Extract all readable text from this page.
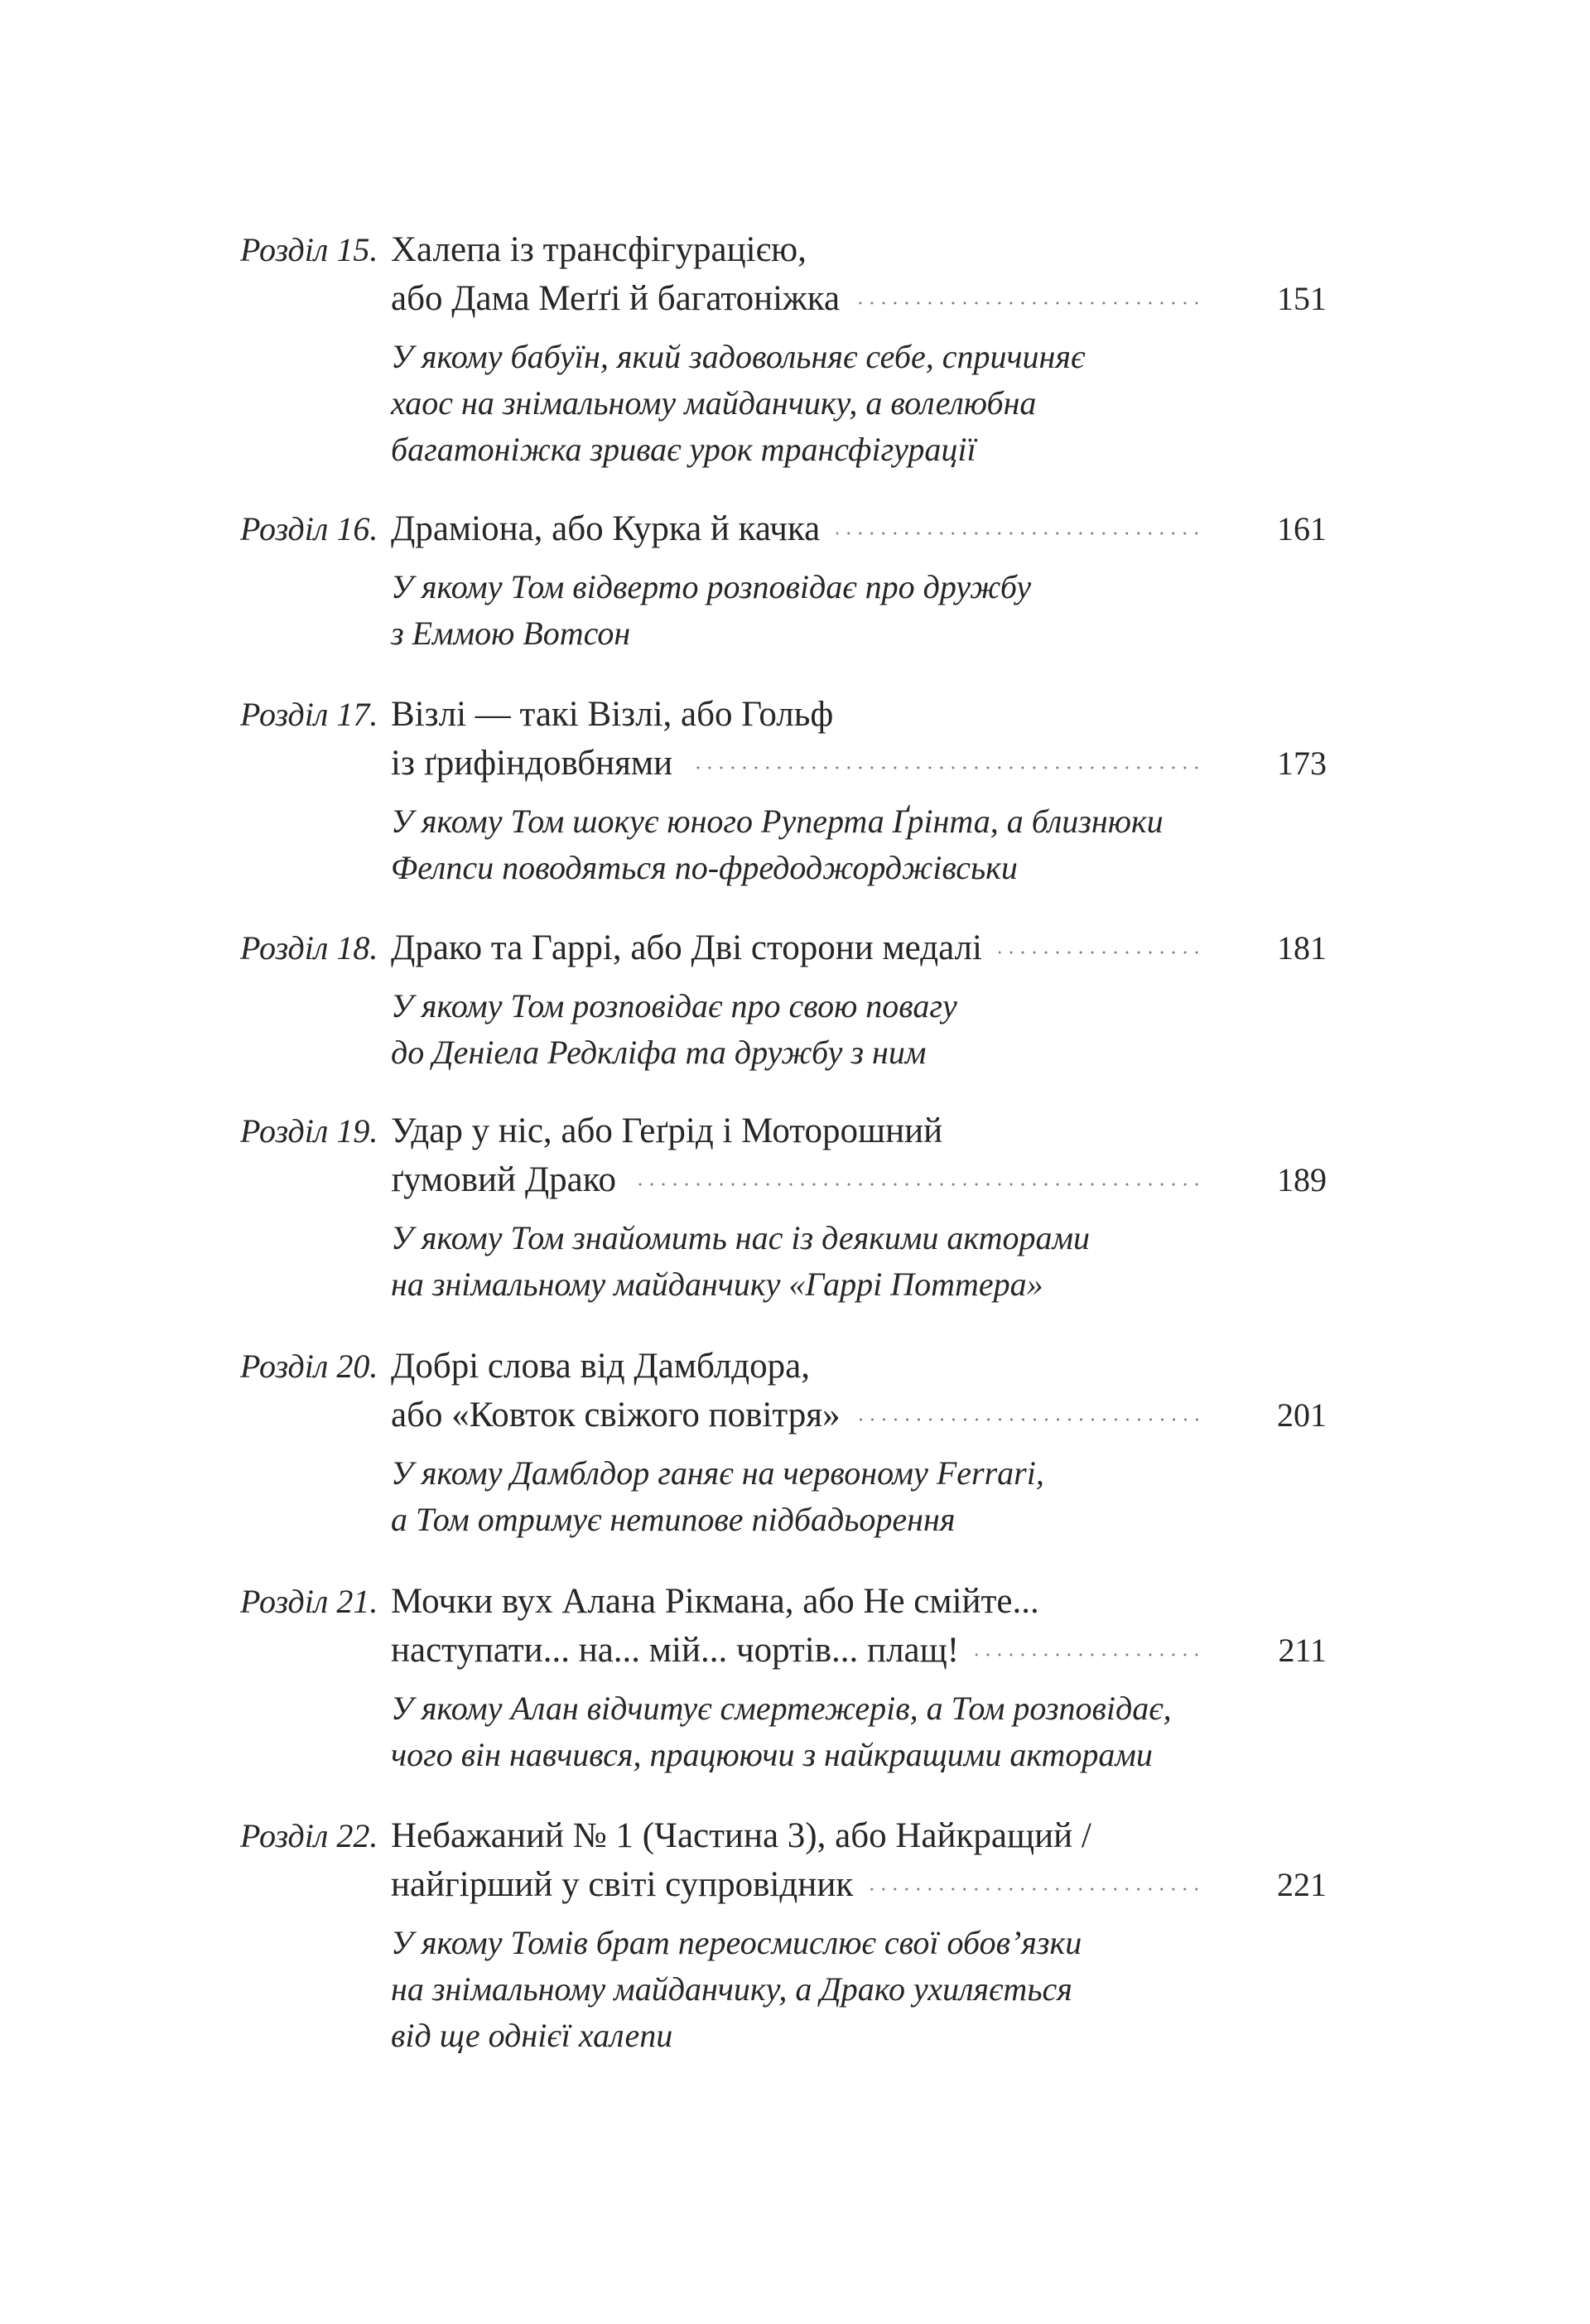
Розділ 15. Халепа із трансфігурацією,
або Дама Меґґі й багатоніжка	151
У якому бабуїн, який задовольняє себе, спричиняє
хаос на знімальному майданчику, а волелюбна
багатоніжка зриває урок трансфігурації
Розділ 16. Драміона, або Курка й качка	161
У якому Том відверто розповідає про дружбу
з Еммою Вотсон
Розділ 17. Візлі — такі Візлі, або Гольф
із ґрифіндовбнями	173
У якому Том шокує юного Руперта Ґрінта, а близнюки
Фелпси поводяться по-фредоджорджівськи
Розділ 18. Драко та Гаррі, або Дві сторони медалі	181
У якому Том розповідає про свою повагу
до Деніела Редкліфа та дружбу з ним
Розділ 19. Удар у ніс, або Геґрід і Моторошний
ґумовий Драко	189
У якому Том знайомить нас із деякими акторами
на знімальному майданчику «Гаррі Поттера»
Розділ 20. Добрі слова від Дамблдора,
або «Ковток свіжого повітря»	201
У якому Дамблдор ганяє на червоному Ferrari,
а Том отримує нетипове підбадьорення
Розділ 21. Мочки вух Алана Рікмана, або Не смійте...
наступати... на... мій... чортів... плащ!	211
У якому Алан відчитує смертежерів, а Том розповідає,
чого він навчився, працюючи з найкращими акторами
Розділ 22. Небажаний № 1 (Частина 3), або Найкращий /
найгірший у світі супровідник	221
У якому Томів брат переосмислює свої обов’язки
на знімальному майданчику, а Драко ухиляється
від ще однієї халепи
